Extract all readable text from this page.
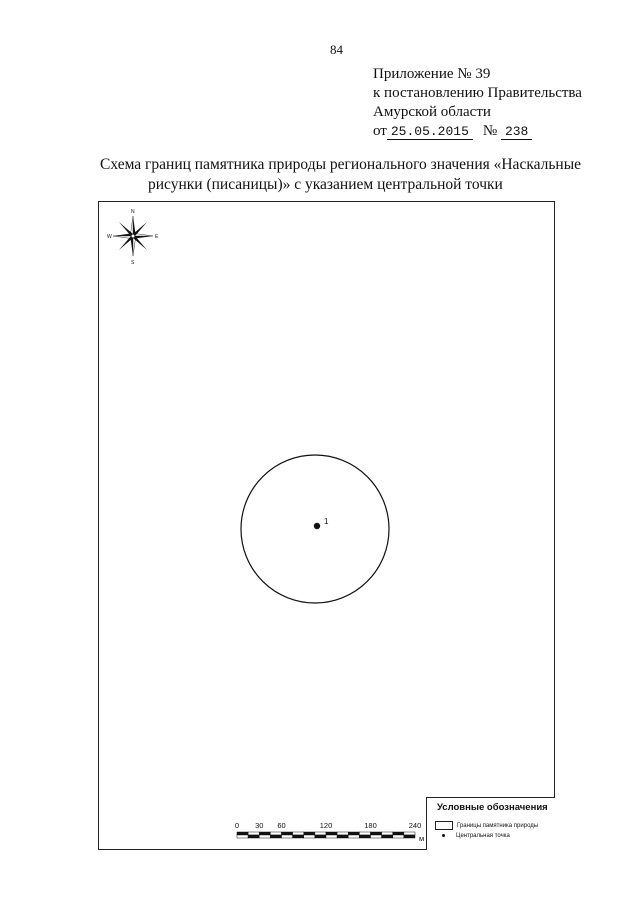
84
Приложение № 39
к постановлению Правительства
Амурской области
от 25.05.2015 № 238
Схема границ памятника природы регионального значения «Наскальные
рисунки (писаницы)» с указанием центральной точки
N
S
W	E
1
0 30 60	120	180	240
м
Условные обозначения
Границы памятника природы
Центральная точка
